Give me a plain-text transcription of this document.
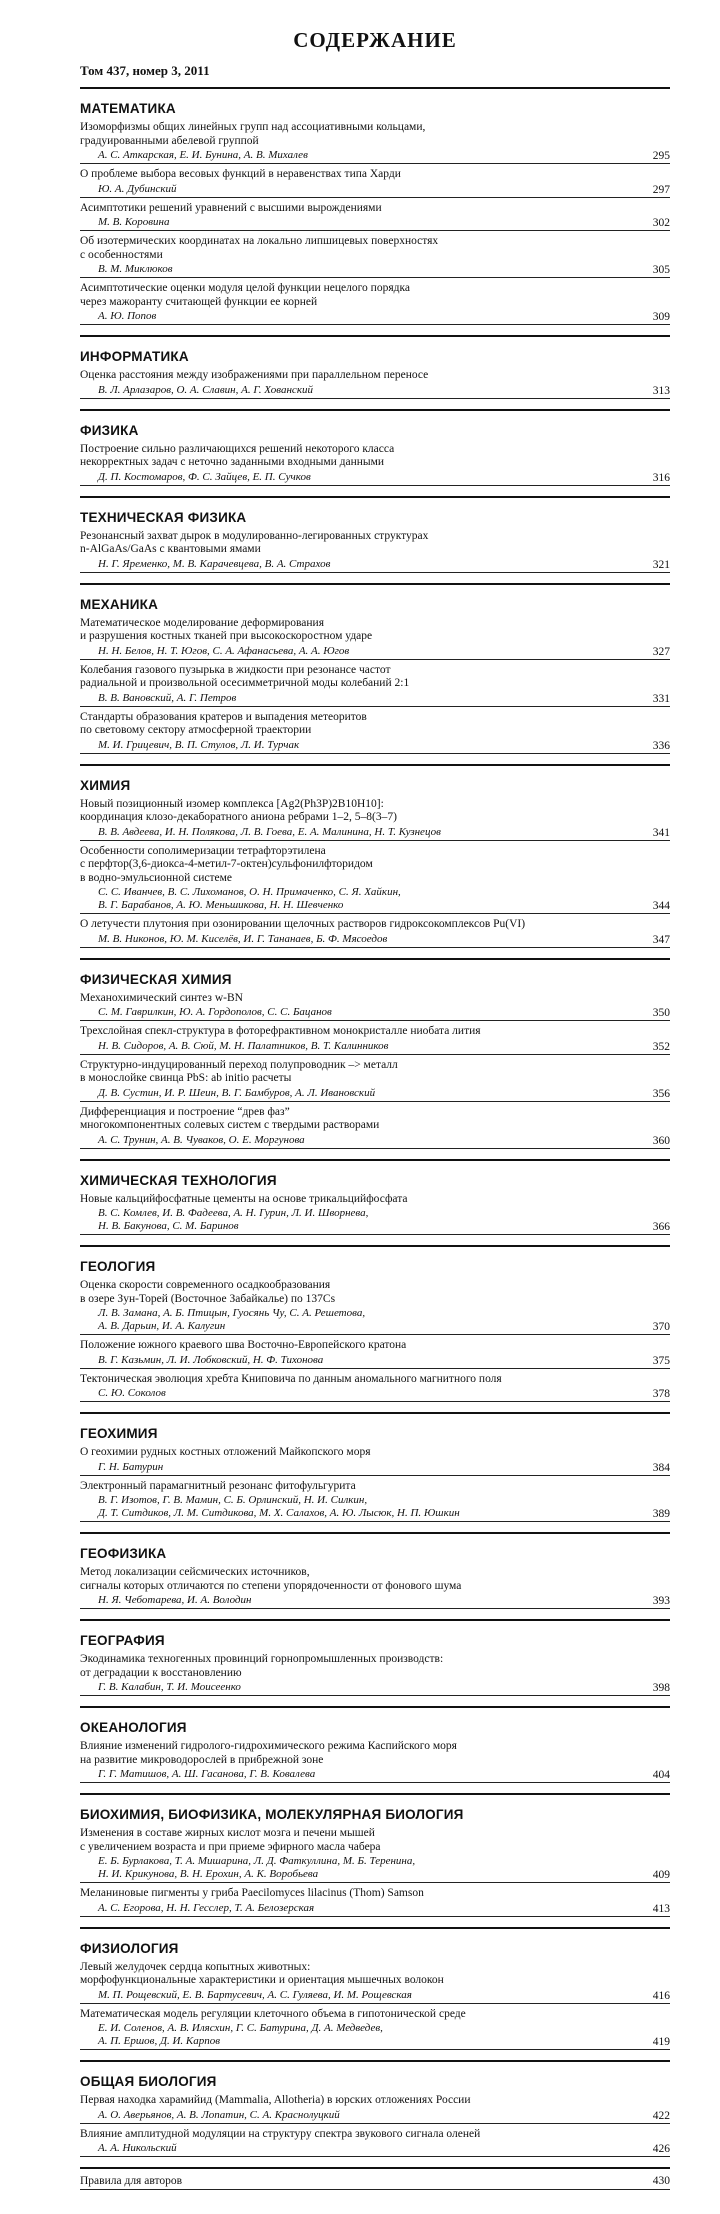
СОДЕРЖАНИЕ
Том 437, номер 3, 2011
МАТЕМАТИКА
Изоморфизмы общих линейных групп над ассоциативными кольцами,
градуированными абелевой группой
А. С. Аткарская, Е. И. Бунина, А. В. Михалев	295
О проблеме выбора весовых функций в неравенствах типа Харди
Ю. А. Дубинский	297
Асимптотики решений уравнений с высшими вырождениями
М. В. Коровина	302
Об изотермических координатах на локально липшицевых поверхностях
с особенностями
В. М. Миклюков	305
Асимптотические оценки модуля целой функции нецелого порядка
через мажоранту считающей функции ее корней
А. Ю. Попов	309
ИНФОРМАТИКА
Оценка расстояния между изображениями при параллельном переносе
В. Л. Арлазаров, О. А. Славин, А. Г. Хованский	313
ФИЗИКА
Построение сильно различающихся решений некоторого класса
некорректных задач с неточно заданными входными данными
Д. П. Костомаров, Ф. С. Зайцев, Е. П. Сучков	316
ТЕХНИЧЕСКАЯ ФИЗИКА
Резонансный захват дырок в модулированно-легированных структурах
n-AlGaAs/GaAs с квантовыми ямами
Н. Г. Яременко, М. В. Карачевцева, В. А. Страхов	321
МЕХАНИКА
Математическое моделирование деформирования
и разрушения костных тканей при высокоскоростном ударе
Н. Н. Белов, Н. Т. Югов, С. А. Афанасьева, А. А. Югов	327
Колебания газового пузырька в жидкости при резонансе частот
радиальной и произвольной осесимметричной моды колебаний 2:1
В. В. Вановский, А. Г. Петров	331
Стандарты образования кратеров и выпадения метеоритов
по световому сектору атмосферной траектории
М. И. Грицевич, В. П. Стулов, Л. И. Турчак	336
ХИМИЯ
Новый позиционный изомер комплекса [Ag2(Ph3P)2B10H10]:
координация клозо-декаборатного аниона ребрами 1–2, 5–8(3–7)
В. В. Авдеева, И. Н. Полякова, Л. В. Гоева, Е. А. Малинина, Н. Т. Кузнецов	341
Особенности сополимеризации тетрафторэтилена
с перфтор(3,6-диокса-4-метил-7-октен)сульфонилфторидом
в водно-эмульсионной системе
С. С. Иванчев, В. С. Лихоманов, О. Н. Примаченко, С. Я. Хайкин,
В. Г. Барабанов, А. Ю. Меньшикова, Н. Н. Шевченко	344
О летучести плутония при озонировании щелочных растворов гидроксокомплексов Pu(VI)
М. В. Никонов, Ю. М. Киселёв, И. Г. Тананаев, Б. Ф. Мясоедов	347
ФИЗИЧЕСКАЯ ХИМИЯ
Механохимический синтез w-BN
С. М. Гаврилкин, Ю. А. Гордополов, С. С. Бацанов	350
Трехслойная спекл-структура в фоторефрактивном монокристалле ниобата лития
Н. В. Сидоров, А. В. Сюй, М. Н. Палатников, В. Т. Калинников	352
Структурно-индуцированный переход полупроводник –> металл
в монослойке свинца PbS: ab initio расчеты
Д. В. Сустин, И. Р. Шеин, В. Г. Бамбуров, А. Л. Ивановский	356
Дифференциация и построение “древ фаз”
многокомпонентных солевых систем с твердыми растворами
А. С. Трунин, А. В. Чуваков, О. Е. Моргунова	360
ХИМИЧЕСКАЯ ТЕХНОЛОГИЯ
Новые кальцийфосфатные цементы на основе трикальцийфосфата
В. С. Комлев, И. В. Фадеева, А. Н. Гурин, Л. И. Шворнева,
Н. В. Бакунова, С. М. Баринов	366
ГЕОЛОГИЯ
Оценка скорости современного осадкообразования
в озере Зун-Торей (Восточное Забайкалье) по 137Cs
Л. В. Замана, А. Б. Птицын, Гуосянь Чу, С. А. Решетова,
А. В. Дарьин, И. А. Калугин	370
Положение южного краевого шва Восточно-Европейского кратона
В. Г. Казьмин, Л. И. Лобковский, Н. Ф. Тихонова	375
Тектоническая эволюция хребта Книповича по данным аномального магнитного поля
С. Ю. Соколов	378
ГЕОХИМИЯ
О геохимии рудных костных отложений Майкопского моря
Г. Н. Батурин	384
Электронный парамагнитный резонанс фитофульгурита
В. Г. Изотов, Г. В. Мамин, С. Б. Орлинский, Н. И. Силкин,
Д. Т. Ситдиков, Л. М. Ситдикова, М. Х. Салахов, А. Ю. Лысюк, Н. П. Юшкин	389
ГЕОФИЗИКА
Метод локализации сейсмических источников,
сигналы которых отличаются по степени упорядоченности от фонового шума
Н. Я. Чеботарева, И. А. Володин	393
ГЕОГРАФИЯ
Экодинамика техногенных провинций горнопромышленных производств:
от деградации к восстановлению
Г. В. Калабин, Т. И. Моисеенко	398
ОКЕАНОЛОГИЯ
Влияние изменений гидролого-гидрохимического режима Каспийского моря
на развитие микроводорослей в прибрежной зоне
Г. Г. Матишов, А. Ш. Гасанова, Г. В. Ковалева	404
БИОХИМИЯ, БИОФИЗИКА, МОЛЕКУЛЯРНАЯ БИОЛОГИЯ
Изменения в составе жирных кислот мозга и печени мышей
с увеличением возраста и при приеме эфирного масла чабера
Е. Б. Бурлакова, Т. А. Мишарина, Л. Д. Фаткуллина, М. Б. Теренина,
Н. И. Крикунова, В. Н. Ерохин, А. К. Воробьева	409
Меланиновые пигменты у гриба Paecilomyces lilacinus (Thom) Samson
А. С. Егорова, Н. Н. Гесслер, Т. А. Белозерская	413
ФИЗИОЛОГИЯ
Левый желудочек сердца копытных животных:
морфофункциональные характеристики и ориентация мышечных волокон
М. П. Рощевский, Е. В. Бартусевич, А. С. Гуляева, И. М. Рощевская	416
Математическая модель регуляции клеточного объема в гипотонической среде
Е. И. Соленов, А. В. Илясхин, Г. С. Батурина, Д. А. Медведев,
А. П. Ершов, Д. И. Карпов	419
ОБЩАЯ БИОЛОГИЯ
Первая находка харамийид (Mammalia, Allotheria) в юрских отложениях России
А. О. Аверьянов, А. В. Лопатин, С. А. Краснолуцкий	422
Влияние амплитудной модуляции на структуру спектра звукового сигнала оленей
А. А. Никольский	426
Правила для авторов	430
